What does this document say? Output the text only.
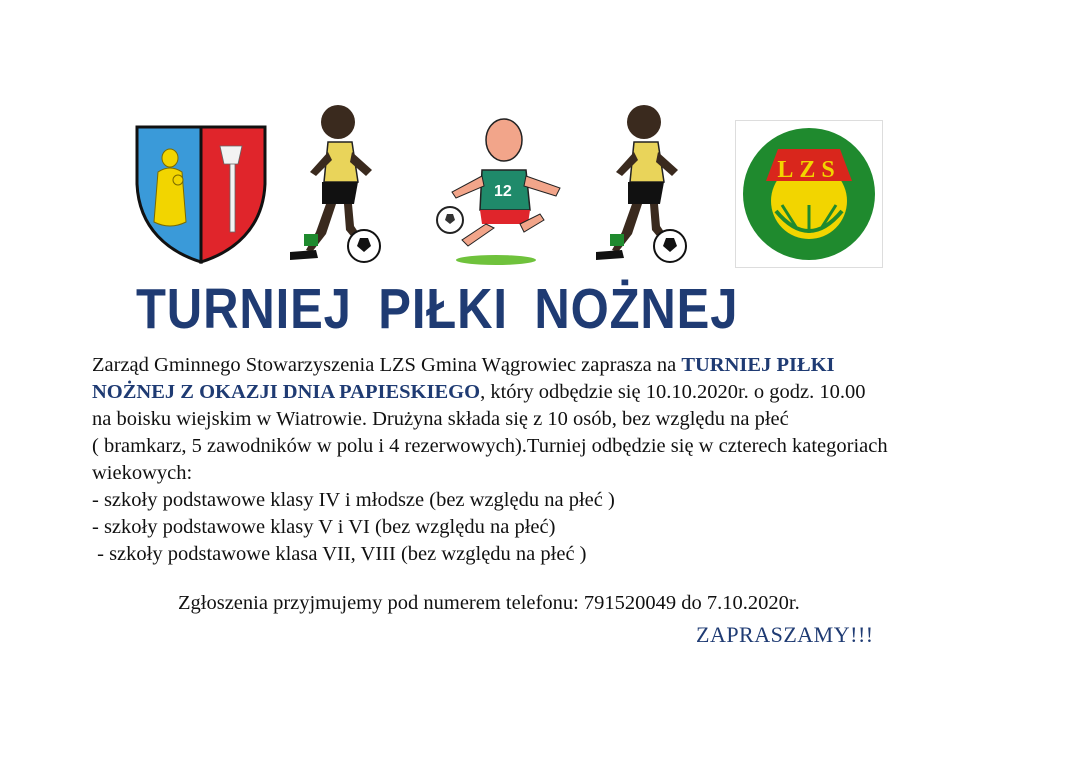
12
LZS
TURNIEJ PIŁKI NOŻNEJ
Zarząd Gminnego Stowarzyszenia LZS Gmina Wągrowiec zaprasza na TURNIEJ PIŁKI
NOŻNEJ Z OKAZJI DNIA PAPIESKIEGO, który odbędzie się 10.10.2020r. o godz. 10.00
na boisku wiejskim w Wiatrowie. Drużyna składa się z 10 osób, bez względu na płeć
( bramkarz, 5 zawodników w polu i 4 rezerwowych).Turniej odbędzie się w czterech kategoriach
wiekowych:
- szkoły podstawowe klasy IV i młodsze (bez względu na płeć )
- szkoły podstawowe klasy V i VI (bez względu na płeć)
- szkoły podstawowe klasa VII, VIII (bez względu na płeć )
Zgłoszenia przyjmujemy pod numerem telefonu: 791520049 do 7.10.2020r.
ZAPRASZAMY!!!
